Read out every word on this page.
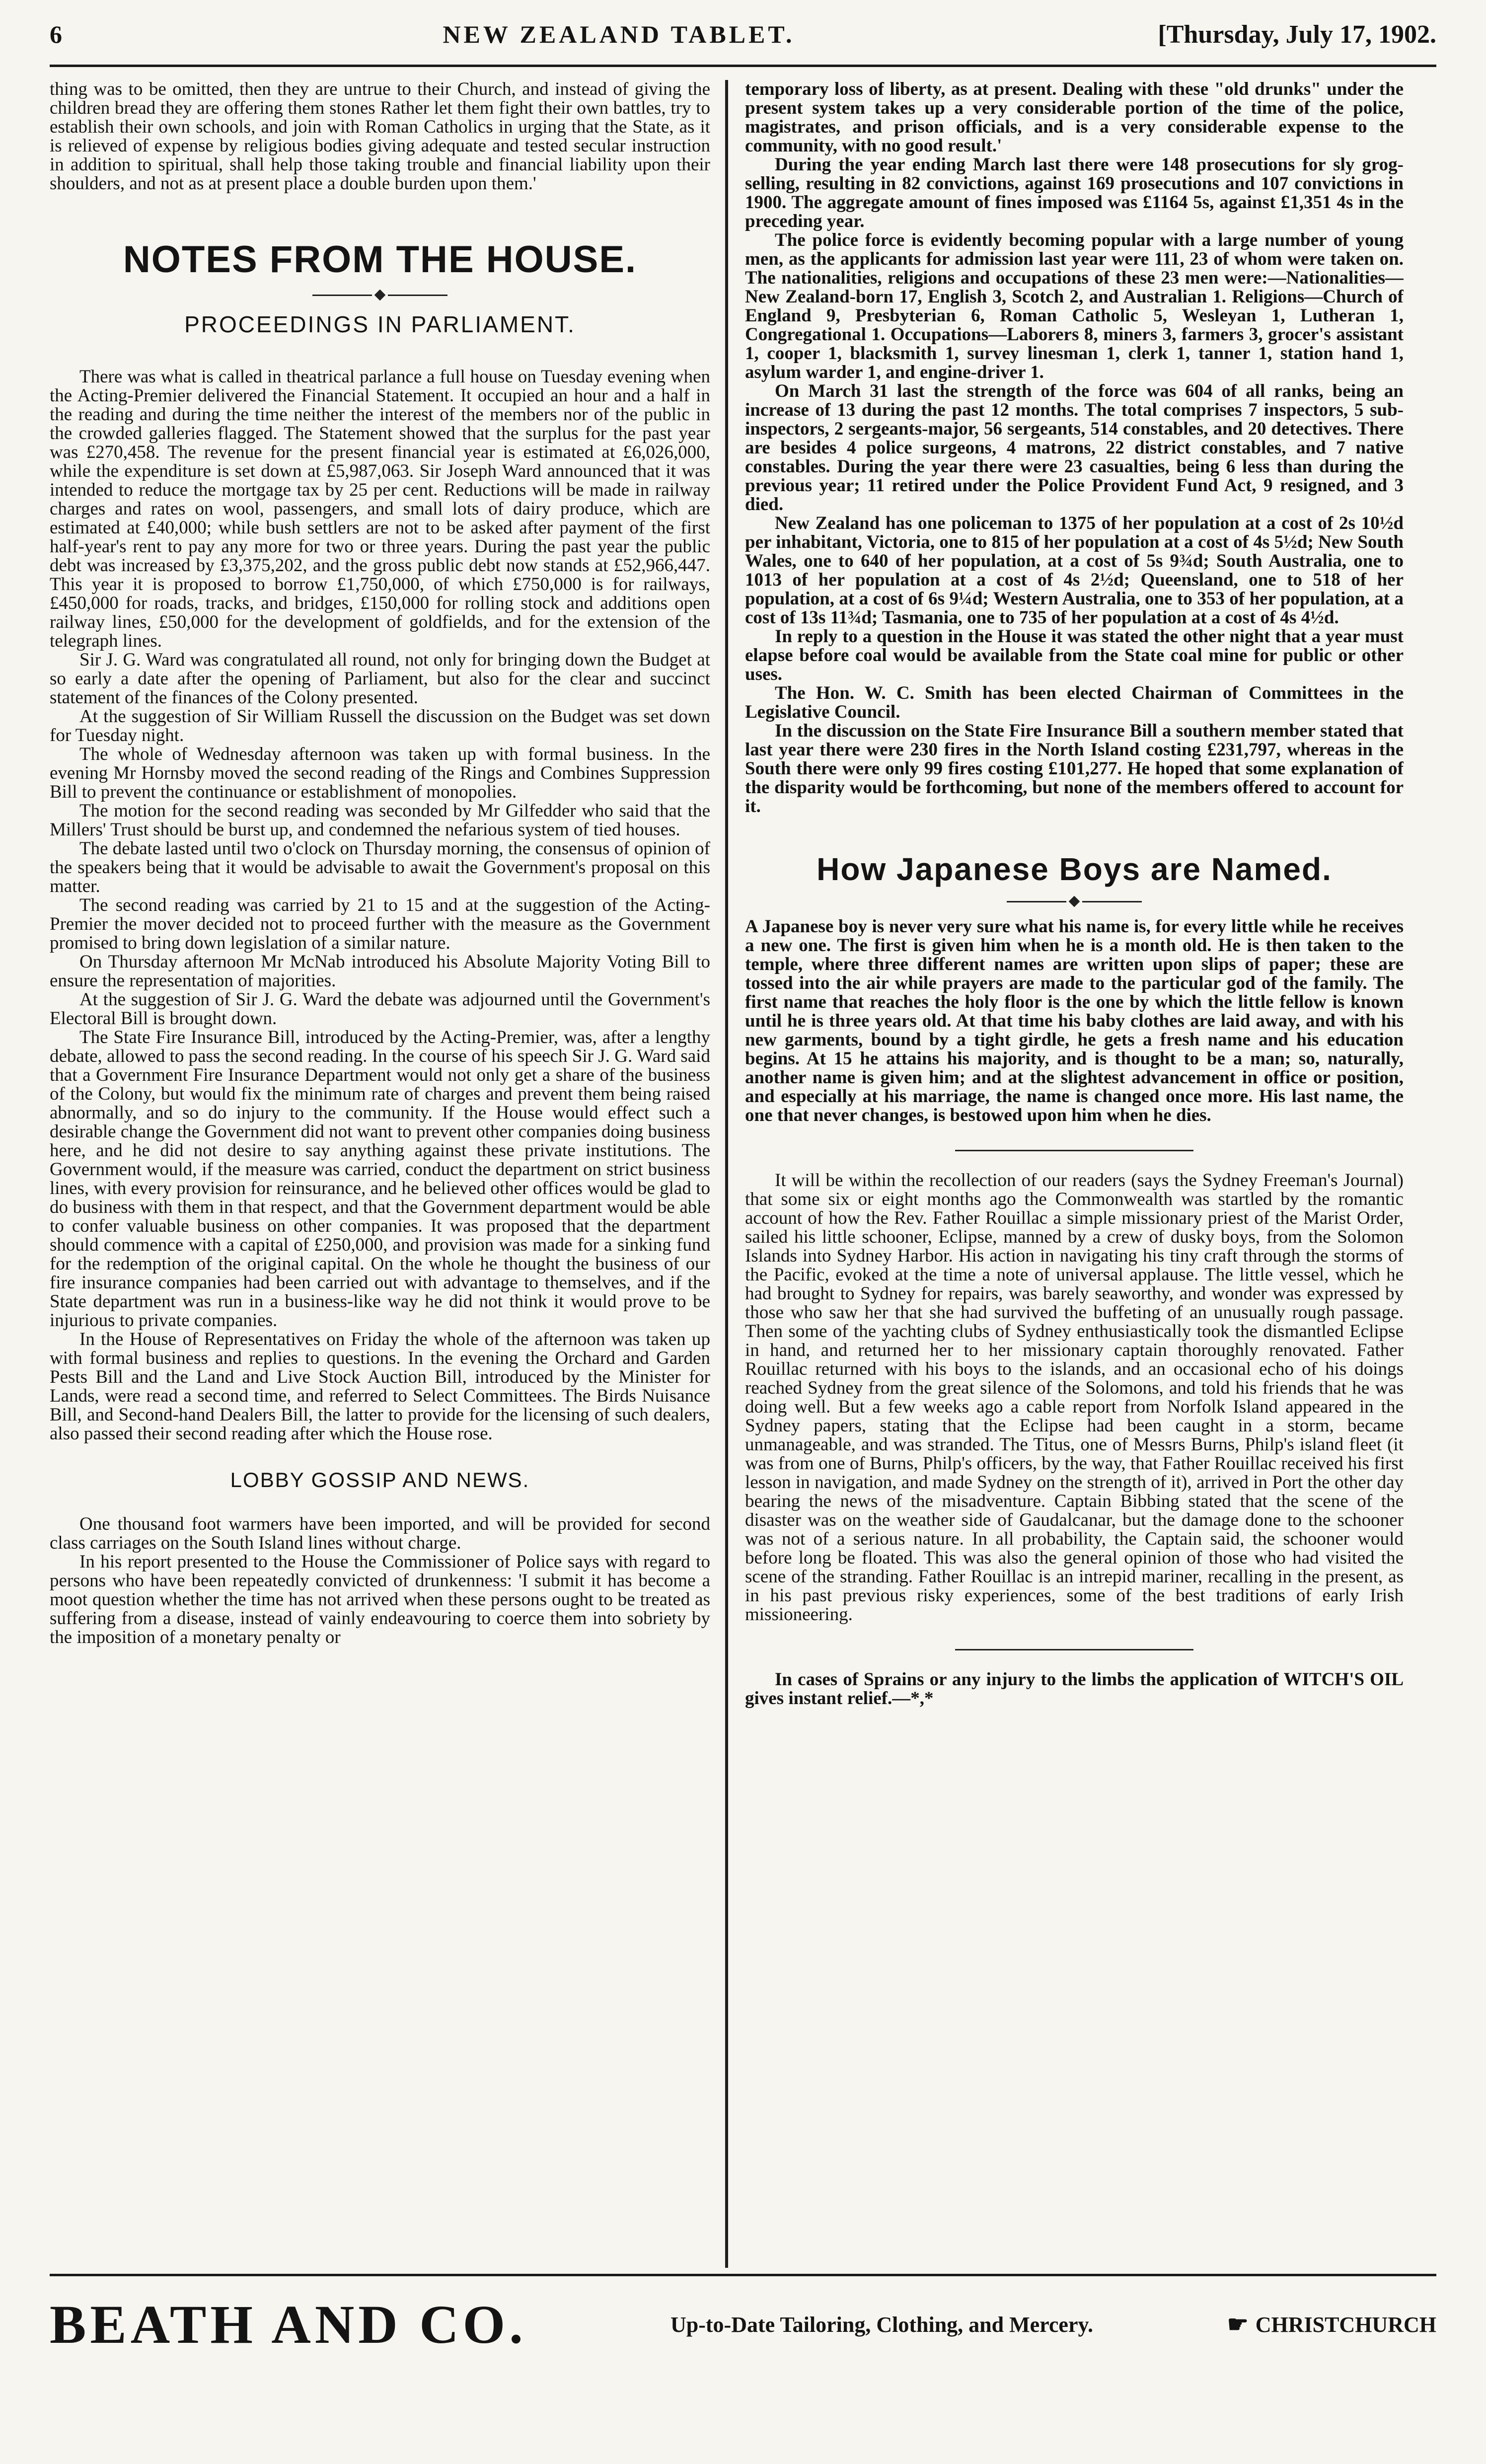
6	NEW ZEALAND TABLET.	[Thursday, July 17, 1902.

thing was to be omitted, then they are untrue to their Church, and instead of giving the children bread they are offering them stones Rather let them fight their own battles, try to establish their own schools, and join with Roman Catholics in urging that the State, as it is relieved of expense by religious bodies giving adequate and tested secular instruction in addition to spiritual, shall help those taking trouble and financial liability upon their shoulders, and not as at present place a double burden upon them.'

NOTES FROM THE HOUSE.
PROCEEDINGS IN PARLIAMENT.

There was what is called in theatrical parlance a full house on Tuesday evening when the Acting-Premier delivered the Financial Statement. It occupied an hour and a half in the reading and during the time neither the interest of the members nor of the public in the crowded galleries flagged. The Statement showed that the surplus for the past year was £270,458. The revenue for the present financial year is estimated at £6,026,000, while the expenditure is set down at £5,987,063. Sir Joseph Ward announced that it was intended to reduce the mortgage tax by 25 per cent. Reductions will be made in railway charges and rates on wool, passengers, and small lots of dairy produce, which are estimated at £40,000; while bush settlers are not to be asked after payment of the first half-year's rent to pay any more for two or three years. During the past year the public debt was increased by £3,375,202, and the gross public debt now stands at £52,966,447. This year it is proposed to borrow £1,750,000, of which £750,000 is for railways, £450,000 for roads, tracks, and bridges, £150,000 for rolling stock and additions open railway lines, £50,000 for the development of goldfields, and for the extension of the telegraph lines.

Sir J. G. Ward was congratulated all round, not only for bringing down the Budget at so early a date after the opening of Parliament, but also for the clear and succinct statement of the finances of the Colony presented.

At the suggestion of Sir William Russell the discussion on the Budget was set down for Tuesday night.

The whole of Wednesday afternoon was taken up with formal business. In the evening Mr Hornsby moved the second reading of the Rings and Combines Suppression Bill to prevent the continuance or establishment of monopolies.

The motion for the second reading was seconded by Mr Gilfedder who said that the Millers' Trust should be burst up, and condemned the nefarious system of tied houses.

The debate lasted until two o'clock on Thursday morning, the consensus of opinion of the speakers being that it would be advisable to await the Government's proposal on this matter.

The second reading was carried by 21 to 15 and at the suggestion of the Acting-Premier the mover decided not to proceed further with the measure as the Government promised to bring down legislation of a similar nature.

On Thursday afternoon Mr McNab introduced his Absolute Majority Voting Bill to ensure the representation of majorities.

At the suggestion of Sir J. G. Ward the debate was adjourned until the Government's Electoral Bill is brought down.

The State Fire Insurance Bill, introduced by the Acting-Premier, was, after a lengthy debate, allowed to pass the second reading. In the course of his speech Sir J. G. Ward said that a Government Fire Insurance Department would not only get a share of the business of the Colony, but would fix the minimum rate of charges and prevent them being raised abnormally, and so do injury to the community. If the House would effect such a desirable change the Government did not want to prevent other companies doing business here, and he did not desire to say anything against these private institutions. The Government would, if the measure was carried, conduct the department on strict business lines, with every provision for reinsurance, and he believed other offices would be glad to do business with them in that respect, and that the Government department would be able to confer valuable business on other companies. It was proposed that the department should commence with a capital of £250,000, and provision was made for a sinking fund for the redemption of the original capital. On the whole he thought the business of our fire insurance companies had been carried out with advantage to themselves, and if the State department was run in a business-like way he did not think it would prove to be injurious to private companies.

In the House of Representatives on Friday the whole of the afternoon was taken up with formal business and replies to questions. In the evening the Orchard and Garden Pests Bill and the Land and Live Stock Auction Bill, introduced by the Minister for Lands, were read a second time, and referred to Select Committees. The Birds Nuisance Bill, and Second-hand Dealers Bill, the latter to provide for the licensing of such dealers, also passed their second reading after which the House rose.

LOBBY GOSSIP AND NEWS.

One thousand foot warmers have been imported, and will be provided for second class carriages on the South Island lines without charge.

In his report presented to the House the Commissioner of Police says with regard to persons who have been repeatedly convicted of drunkenness: 'I submit it has become a moot question whether the time has not arrived when these persons ought to be treated as suffering from a disease, instead of vainly endeavouring to coerce them into sobriety by the imposition of a monetary penalty or

temporary loss of liberty, as at present. Dealing with these "old drunks" under the present system takes up a very considerable portion of the time of the police, magistrates, and prison officials, and is a very considerable expense to the community, with no good result.'

During the year ending March last there were 148 prosecutions for sly grog-selling, resulting in 82 convictions, against 169 prosecutions and 107 convictions in 1900. The aggregate amount of fines imposed was £1164 5s, against £1,351 4s in the preceding year.

The police force is evidently becoming popular with a large number of young men, as the applicants for admission last year were 111, 23 of whom were taken on. The nationalities, religions and occupations of these 23 men were:—Nationalities—New Zealand-born 17, English 3, Scotch 2, and Australian 1. Religions—Church of England 9, Presbyterian 6, Roman Catholic 5, Wesleyan 1, Lutheran 1, Congregational 1. Occupations—Laborers 8, miners 3, farmers 3, grocer's assistant 1, cooper 1, blacksmith 1, survey linesman 1, clerk 1, tanner 1, station hand 1, asylum warder 1, and engine-driver 1.

On March 31 last the strength of the force was 604 of all ranks, being an increase of 13 during the past 12 months. The total comprises 7 inspectors, 5 sub-inspectors, 2 sergeants-major, 56 sergeants, 514 constables, and 20 detectives. There are besides 4 police surgeons, 4 matrons, 22 district constables, and 7 native constables. During the year there were 23 casualties, being 6 less than during the previous year; 11 retired under the Police Provident Fund Act, 9 resigned, and 3 died.

New Zealand has one policeman to 1375 of her population at a cost of 2s 10½d per inhabitant, Victoria, one to 815 of her population at a cost of 4s 5½d; New South Wales, one to 640 of her population, at a cost of 5s 9¾d; South Australia, one to 1013 of her population at a cost of 4s 2½d; Queensland, one to 518 of her population, at a cost of 6s 9¼d; Western Australia, one to 353 of her population, at a cost of 13s 11¾d; Tasmania, one to 735 of her population at a cost of 4s 4½d.

In reply to a question in the House it was stated the other night that a year must elapse before coal would be available from the State coal mine for public or other uses.

The Hon. W. C. Smith has been elected Chairman of Committees in the Legislative Council.

In the discussion on the State Fire Insurance Bill a southern member stated that last year there were 230 fires in the North Island costing £231,797, whereas in the South there were only 99 fires costing £101,277. He hoped that some explanation of the disparity would be forthcoming, but none of the members offered to account for it.

How Japanese Boys are Named.

A Japanese boy is never very sure what his name is, for every little while he receives a new one. The first is given him when he is a month old. He is then taken to the temple, where three different names are written upon slips of paper; these are tossed into the air while prayers are made to the particular god of the family. The first name that reaches the holy floor is the one by which the little fellow is known until he is three years old. At that time his baby clothes are laid away, and with his new garments, bound by a tight girdle, he gets a fresh name and his education begins. At 15 he attains his majority, and is thought to be a man; so, naturally, another name is given him; and at the slightest advancement in office or position, and especially at his marriage, the name is changed once more. His last name, the one that never changes, is bestowed upon him when he dies.

It will be within the recollection of our readers (says the Sydney Freeman's Journal) that some six or eight months ago the Commonwealth was startled by the romantic account of how the Rev. Father Rouillac a simple missionary priest of the Marist Order, sailed his little schooner, Eclipse, manned by a crew of dusky boys, from the Solomon Islands into Sydney Harbor. His action in navigating his tiny craft through the storms of the Pacific, evoked at the time a note of universal applause. The little vessel, which he had brought to Sydney for repairs, was barely seaworthy, and wonder was expressed by those who saw her that she had survived the buffeting of an unusually rough passage. Then some of the yachting clubs of Sydney enthusiastically took the dismantled Eclipse in hand, and returned her to her missionary captain thoroughly renovated. Father Rouillac returned with his boys to the islands, and an occasional echo of his doings reached Sydney from the great silence of the Solomons, and told his friends that he was doing well. But a few weeks ago a cable report from Norfolk Island appeared in the Sydney papers, stating that the Eclipse had been caught in a storm, became unmanageable, and was stranded. The Titus, one of Messrs Burns, Philp's island fleet (it was from one of Burns, Philp's officers, by the way, that Father Rouillac received his first lesson in navigation, and made Sydney on the strength of it), arrived in Port the other day bearing the news of the misadventure. Captain Bibbing stated that the scene of the disaster was on the weather side of Gaudalcanar, but the damage done to the schooner was not of a serious nature. In all probability, the Captain said, the schooner would before long be floated. This was also the general opinion of those who had visited the scene of the stranding. Father Rouillac is an intrepid mariner, recalling in the present, as in his past previous risky experiences, some of the best traditions of early Irish missioneering.

In cases of Sprains or any injury to the limbs the application of WITCH'S OIL gives instant relief.—*,*

BEATH AND CO.	Up-to-Date Tailoring, Clothing, and Mercery.	☛ CHRISTCHURCH
